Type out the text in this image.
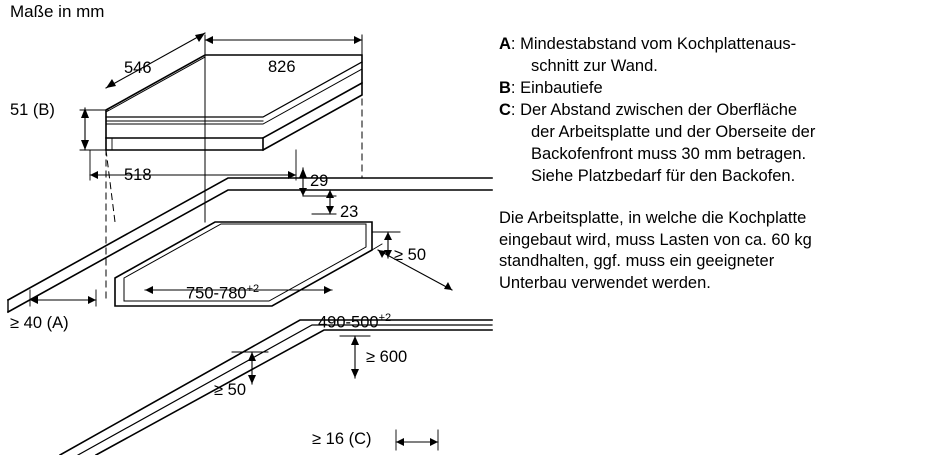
Maße in mm
826
546
51 (B)
518	29
23
≥ 50
$750-780^{+2}$
$490-500^{+2}$
≥ 40 (A)
≥ 600
≥ 50
≥ 16 (C)
A: Mindestabstand vom Kochplattenaus-
schnitt zur Wand.
B: Einbautiefe
C: Der Abstand zwischen der Oberfläche
der Arbeitsplatte und der Oberseite der
Backofenfront muss 30 mm betragen.
Siehe Platzbedarf für den Backofen.
Die Arbeitsplatte, in welche die Kochplatte
eingebaut wird, muss Lasten von ca. 60 kg
standhalten, ggf. muss ein geeigneter
Unterbau verwendet werden.
